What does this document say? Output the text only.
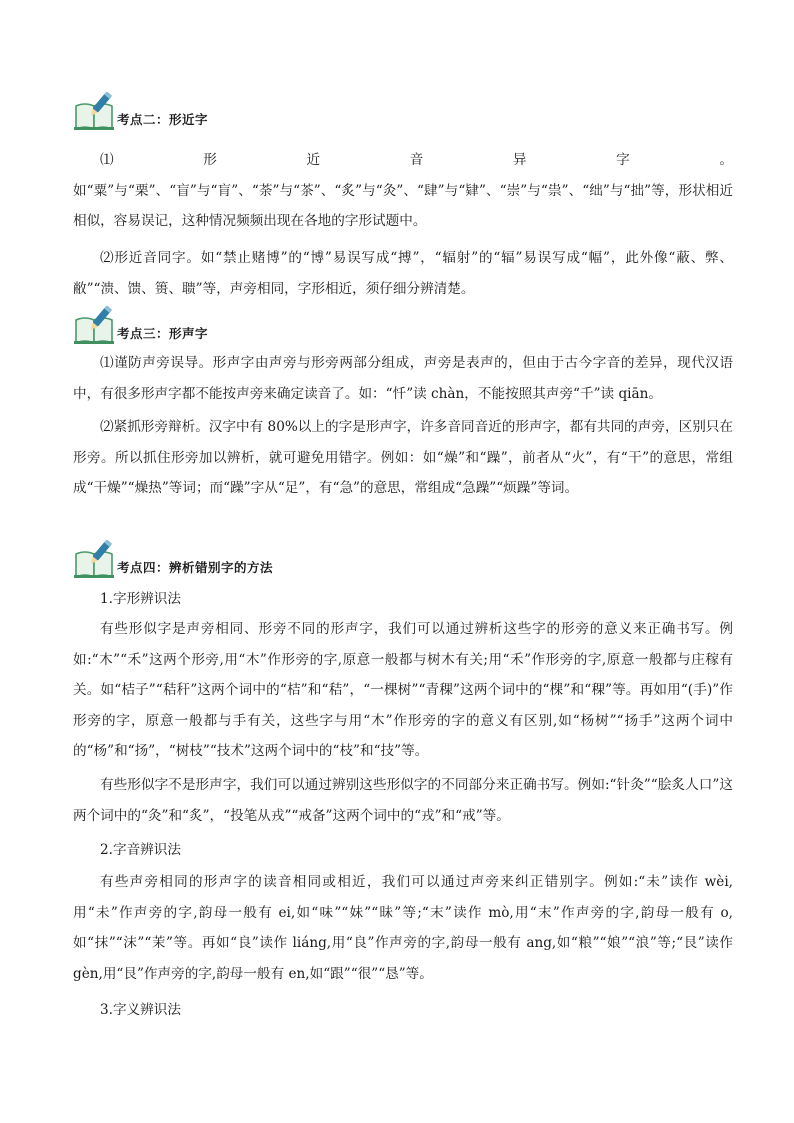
考点二：形近字

⑴形近音异字。如“粟”与“栗”、“盲”与“肓”、“荼”与“茶”、“炙”与“灸”、“肆”与“肄”、“崇”与“祟”、“绌”与“拙”等，形状相近相似，容易误记，这种情况频频出现在各地的字形试题中。

⑵形近音同字。如“禁止赌博”的“博”易误写成“搏”，“辐射”的“辐”易误写成“幅”，此外像“蔽、弊、敝”“溃、馈、篑、聩”等，声旁相同，字形相近，须仔细分辨清楚。

考点三：形声字

⑴谨防声旁误导。形声字由声旁与形旁两部分组成，声旁是表声的，但由于古今字音的差异，现代汉语中，有很多形声字都不能按声旁来确定读音了。如：“忏”读 chàn，不能按照其声旁“千”读 qiān。

⑵紧抓形旁辩析。汉字中有 80%以上的字是形声字，许多音同音近的形声字，都有共同的声旁，区别只在形旁。所以抓住形旁加以辨析，就可避免用错字。例如：如“燥”和“躁”，前者从“火”，有“干”的意思，常组成“干燥”“燥热”等词；而“躁”字从“足”，有“急”的意思，常组成“急躁”“烦躁”等词。

考点四：辨析错别字的方法

1.字形辨识法

有些形似字是声旁相同、形旁不同的形声字，我们可以通过辨析这些字的形旁的意义来正确书写。例如:“木”“禾”这两个形旁,用“木”作形旁的字,原意一般都与树木有关;用“禾”作形旁的字,原意一般都与庄稼有关。如“桔子”“秸秆”这两个词中的“桔”和“秸”，“一棵树”“青稞”这两个词中的“棵”和“稞”等。再如用“(手)”作形旁的字，原意一般都与手有关，这些字与用“木”作形旁的字的意义有区别,如“杨树”“扬手”这两个词中的“杨”和“扬”，“树枝”“技术”这两个词中的“枝”和“技”等。

有些形似字不是形声字，我们可以通过辨别这些形似字的不同部分来正确书写。例如:“针灸”“脍炙人口”这两个词中的“灸”和“炙”，“投笔从戎”“戒备”这两个词中的“戎”和“戒”等。

2.字音辨识法

有些声旁相同的形声字的读音相同或相近，我们可以通过声旁来纠正错别字。例如:“未”读作 wèi,用“未”作声旁的字,韵母一般有 ei,如“味”“妹”“昧”等;“末”读作 mò,用“末”作声旁的字,韵母一般有 o,如“抹”“沫”“茉”等。再如“良”读作 liáng,用“良”作声旁的字,韵母一般有 ang,如“粮”“娘”“浪”等;“艮”读作 gèn,用“艮”作声旁的字,韵母一般有 en,如“跟”“很”“恳”等。

3.字义辨识法
